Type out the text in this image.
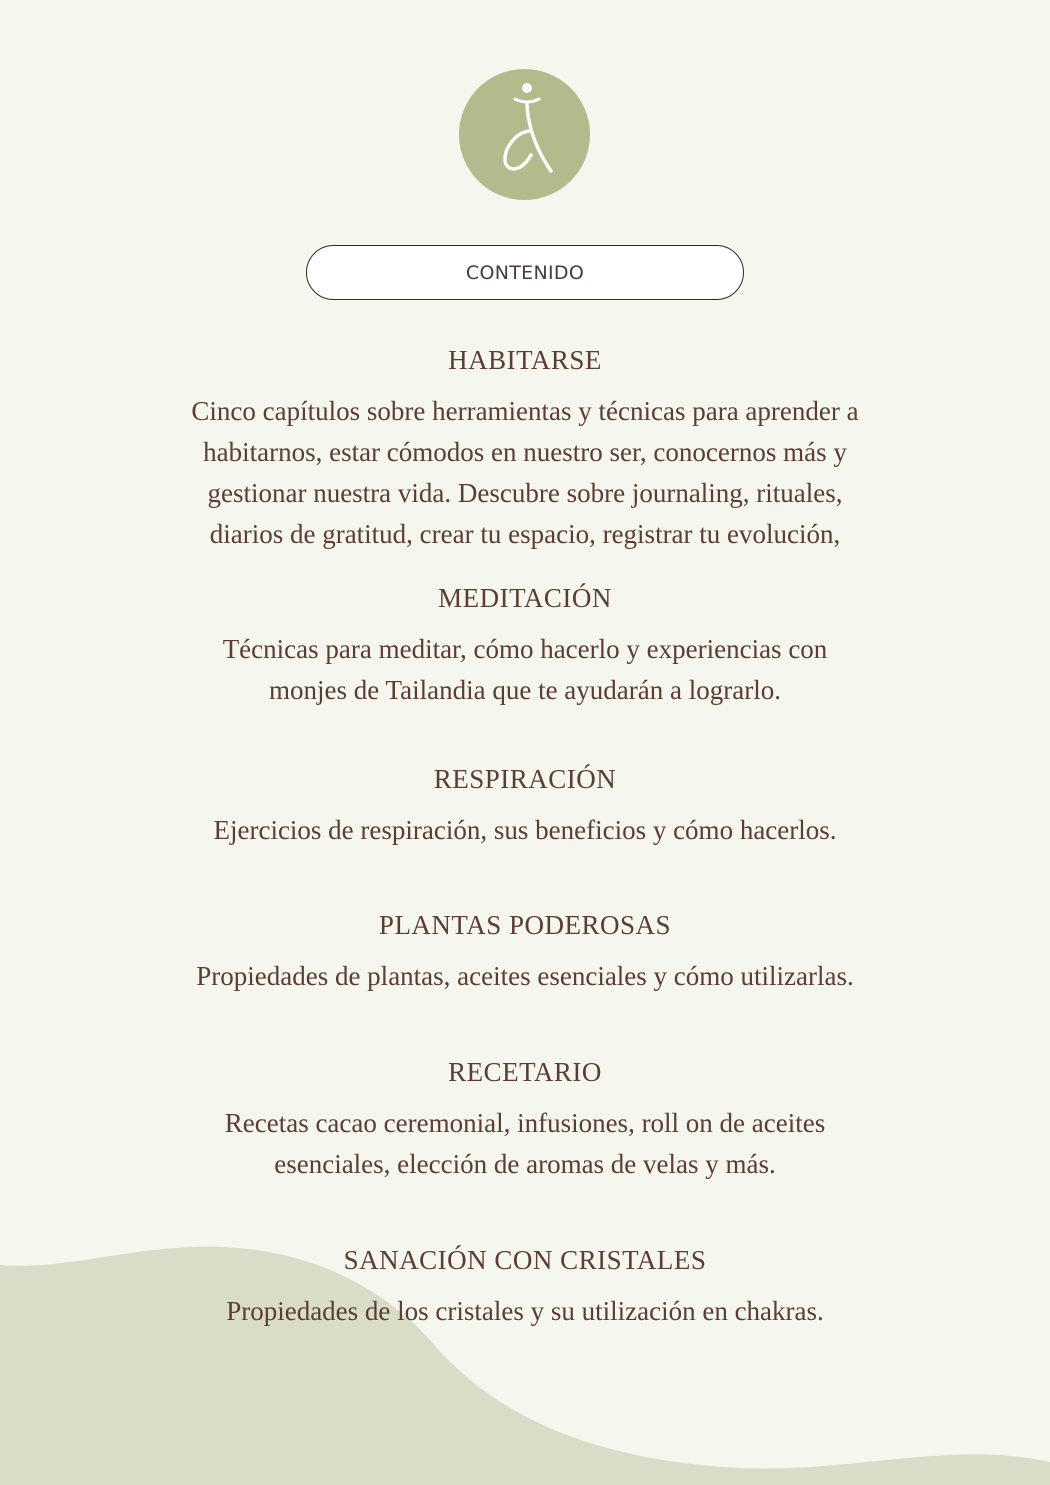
CONTENIDO
HABITARSE

Cinco capítulos sobre herramientas y técnicas para aprender a
habitarnos, estar cómodos en nuestro ser, conocernos más y
gestionar nuestra vida. Descubre sobre journaling, rituales,
diarios de gratitud, crear tu espacio, registrar tu evolución,

MEDITACIÓN

Técnicas para meditar, cómo hacerlo y experiencias con
monjes de Tailandia que te ayudarán a lograrlo.

RESPIRACIÓN

Ejercicios de respiración, sus beneficios y cómo hacerlos.

PLANTAS PODEROSAS

Propiedades de plantas, aceites esenciales y cómo utilizarlas.

RECETARIO

Recetas cacao ceremonial, infusiones, roll on de aceites
esenciales, elección de aromas de velas y más.

SANACIÓN CON CRISTALES

Propiedades de los cristales y su utilización en chakras.
